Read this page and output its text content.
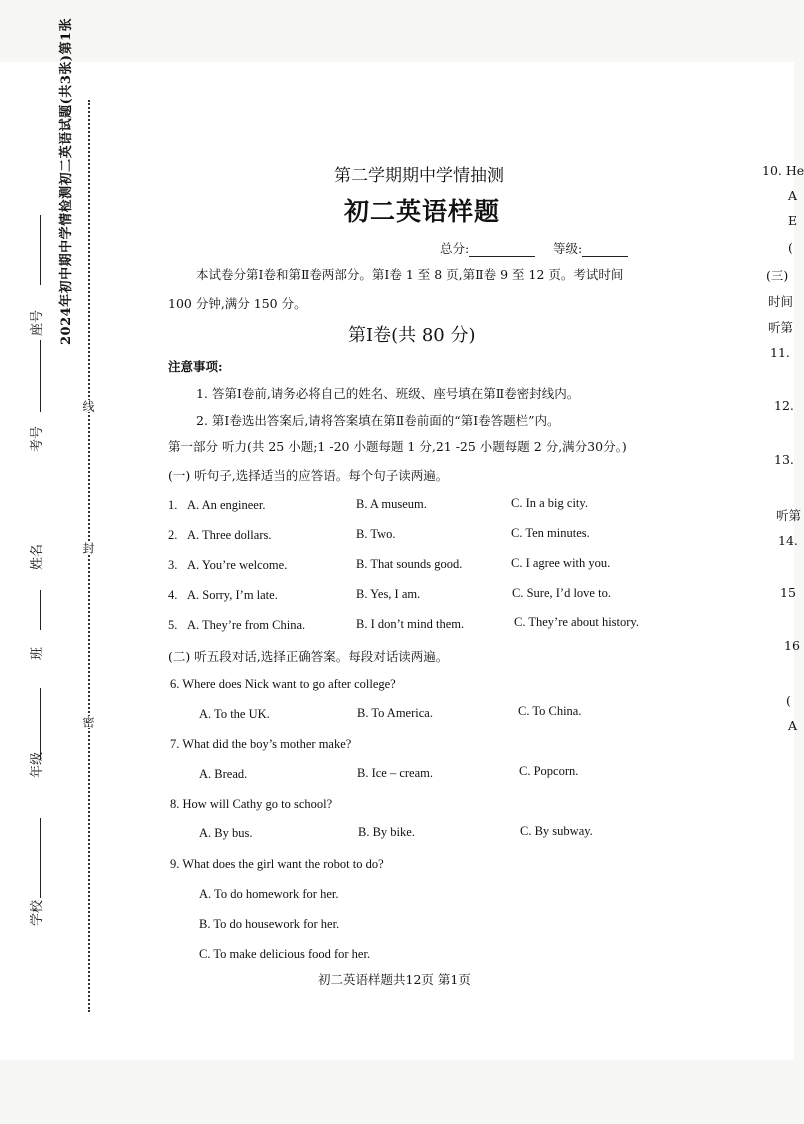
2024年初中期中学情检测初二英语试题(共3张)第1张
座号
考号
姓名
班
年级
学校
线
封
密
第二学期期中学情抽测
初二英语样题
总分:	等级:
本试卷分第Ⅰ卷和第Ⅱ卷两部分。第Ⅰ卷 1 至 8 页,第Ⅱ卷 9 至 12 页。考试时间
100 分钟,满分 150 分。
第Ⅰ卷(共 80 分)
注意事项:
1. 答第Ⅰ卷前,请务必将自己的姓名、班级、座号填在第Ⅱ卷密封线内。
2. 第Ⅰ卷选出答案后,请将答案填在第Ⅱ卷前面的“第Ⅰ卷答题栏”内。
第一部分 听力(共 25 小题;1 -20 小题每题 1 分,21 -25 小题每题 2 分,满分30分。)
(一) 听句子,选择适当的应答语。每个句子读两遍。
1. A. An engineer.	B. A museum.	C. In a big city.
2. A. Three dollars.	B. Two.	C. Ten minutes.
3. A. You’re welcome.	B. That sounds good.	C. I agree with you.
4. A. Sorry, I’m late.	B. Yes, I am.	C. Sure, I’d love to.
5. A. They’re from China.	B. I don’t mind them.	C. They’re about history.
(二) 听五段对话,选择正确答案。每段对话读两遍。
6. Where does Nick want to go after college?
A. To the UK.	B. To America.	C. To China.
7. What did the boy’s mother make?
A. Bread.	B. Ice – cream.	C. Popcorn.
8. How will Cathy go to school?
A. By bus.	B. By bike.	C. By subway.
9. What does the girl want the robot to do?
A. To do homework for her.
B. To do housework for her.
C. To make delicious food for her.
初二英语样题共12页 第1页
10. He
A
E
(
(三)
时间
听第
11.
12.
13.
听第
14.
15
16
(
A
